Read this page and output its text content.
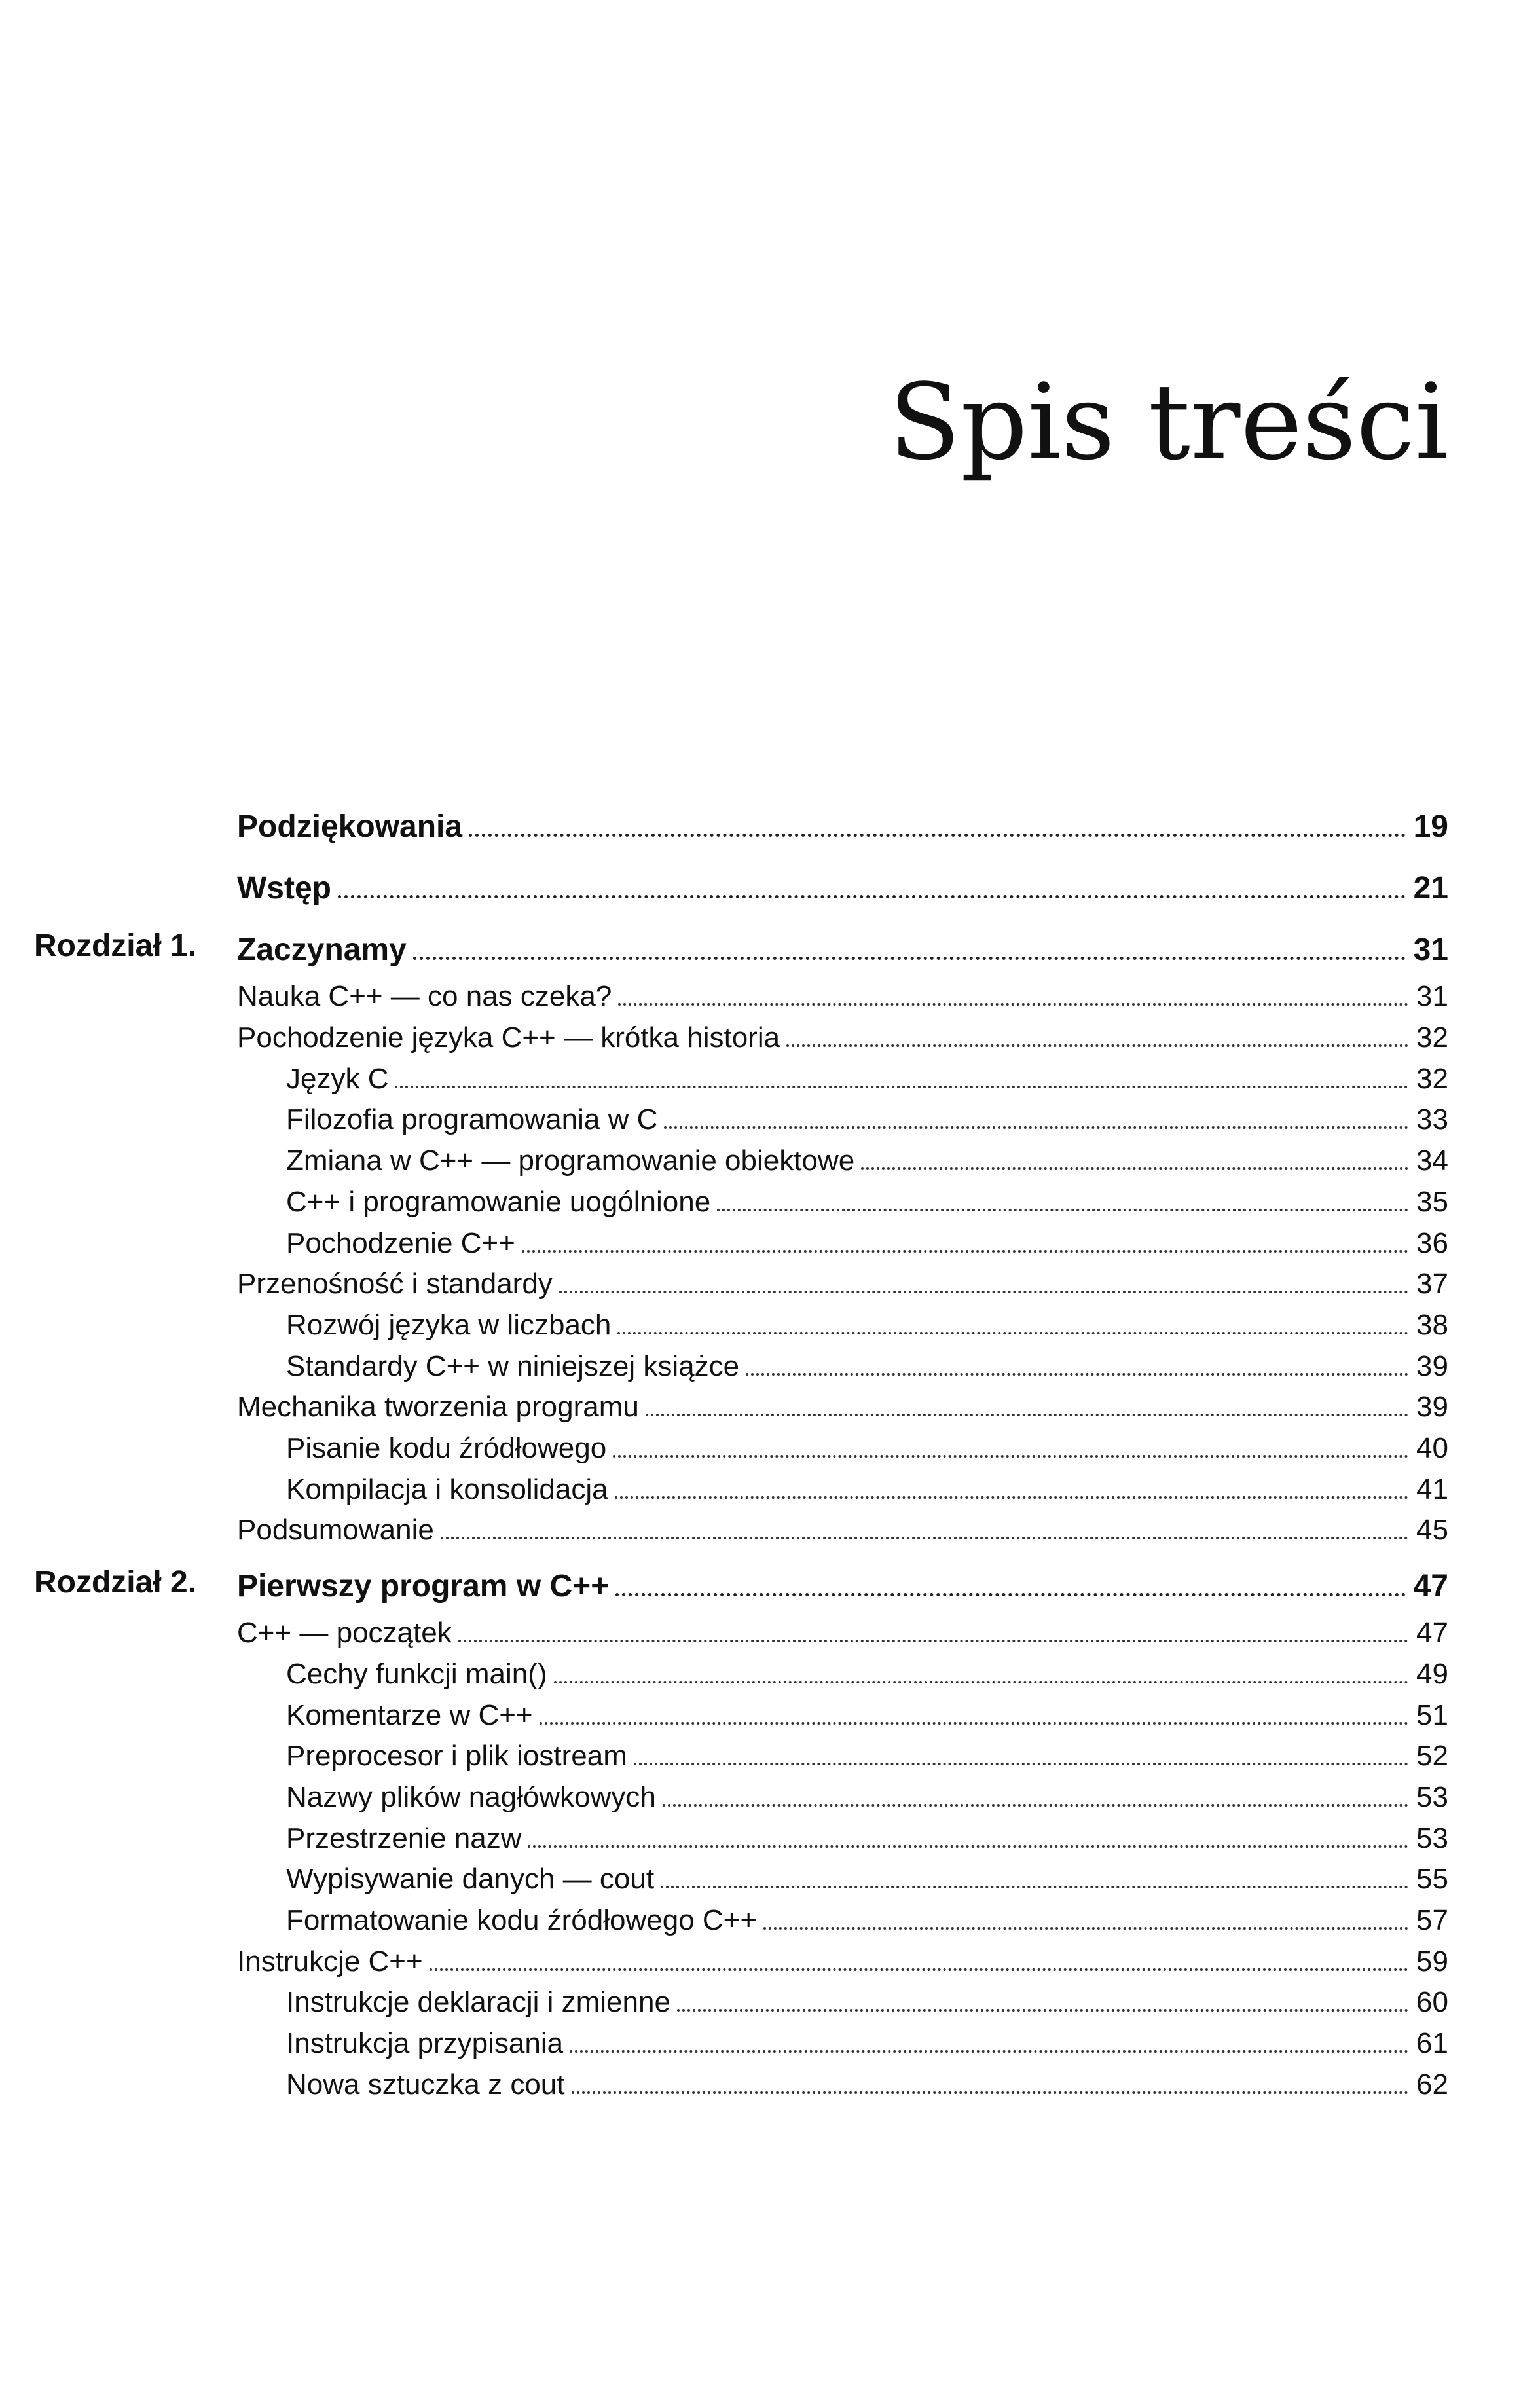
Spis treści
Podziękowania	19
Wstęp	21
Rozdział 1. Zaczynamy	31
Nauka C++ — co nas czeka?	31
Pochodzenie języka C++ — krótka historia	32
Język C	32
Filozofia programowania w C	33
Zmiana w C++ — programowanie obiektowe	34
C++ i programowanie uogólnione	35
Pochodzenie C++	36
Przenośność i standardy	37
Rozwój języka w liczbach	38
Standardy C++ w niniejszej książce	39
Mechanika tworzenia programu	39
Pisanie kodu źródłowego	40
Kompilacja i konsolidacja	41
Podsumowanie	45
Rozdział 2. Pierwszy program w C++	47
C++ — początek	47
Cechy funkcji main()	49
Komentarze w C++	51
Preprocesor i plik iostream	52
Nazwy plików nagłówkowych	53
Przestrzenie nazw	53
Wypisywanie danych — cout	55
Formatowanie kodu źródłowego C++	57
Instrukcje C++	59
Instrukcje deklaracji i zmienne	60
Instrukcja przypisania	61
Nowa sztuczka z cout	62
